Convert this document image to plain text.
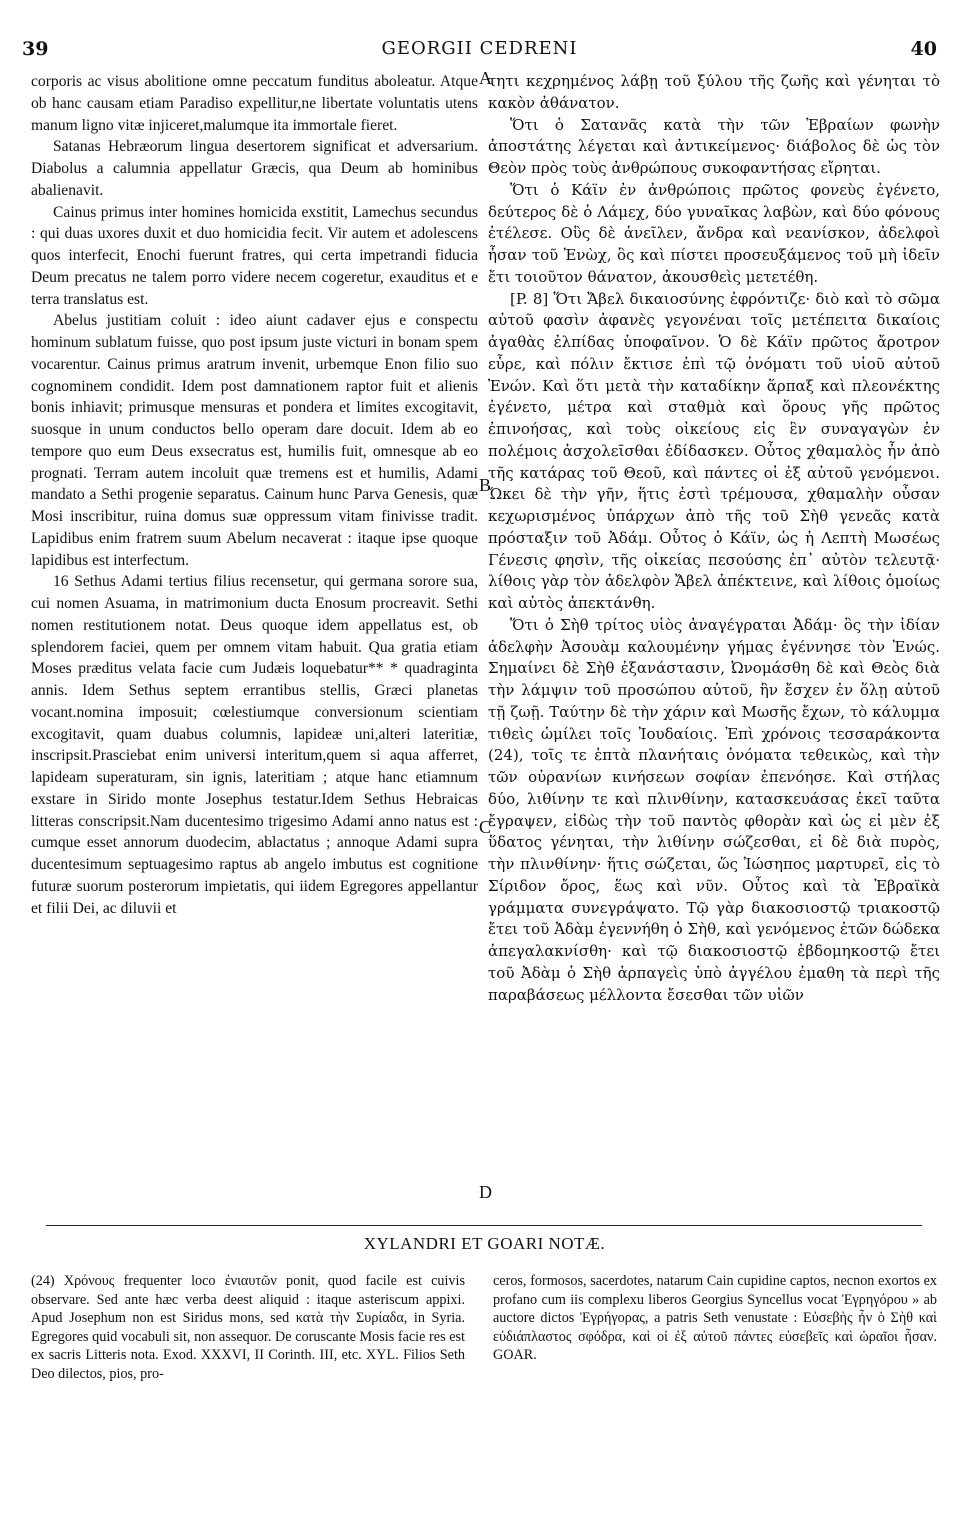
39	GEORGII CEDRENI	40
A
B
C
D

corporis ac visus abolitione omne peccatum funditus aboleatur. Atque ob hanc causam etiam Paradiso expellitur,ne libertate voluntatis utens manum ligno vitæ injiceret,malumque ita immortale fieret.

Satanas Hebræorum lingua desertorem significat et adversarium. Diabolus a calumnia appellatur Græcis, qua Deum ab hominibus abalienavit.

Cainus primus inter homines homicida exstitit, Lamechus secundus : qui duas uxores duxit et duo homicidia fecit. Vir autem et adolescens quos interfecit, Enochi fuerunt fratres, qui certa impetrandi fiducia Deum precatus ne talem porro videre necem cogeretur, exauditus et e terra translatus est.

Abelus justitiam coluit : ideo aiunt cadaver ejus e conspectu hominum sublatum fuisse, quo post ipsum juste victuri in bonam spem vocarentur. Cainus primus aratrum invenit, urbemque Enon filio suo cognominem condidit. Idem post damnationem raptor fuit et alienis bonis inhiavit; primusque mensuras et pondera et limites excogitavit, suosque in unum conductos bello operam dare docuit. Idem ab eo tempore quo eum Deus exsecratus est, humilis fuit, omnesque ab eo prognati. Terram autem incoluit quæ tremens est et humilis, Adami mandato a Sethi progenie separatus. Cainum hunc Parva Genesis, quæ Mosi inscribitur, ruina domus suæ oppressum vitam finivisse tradit. Lapidibus enim fratrem suum Abelum necaverat : itaque ipse quoque lapidibus est interfectum.

16 Sethus Adami tertius filius recensetur, qui germana sorore sua, cui nomen Asuama, in matrimonium ducta Enosum procreavit. Sethi nomen restitutionem notat. Deus quoque idem appellatus est, ob splendorem faciei, quem per omnem vitam habuit. Qua gratia etiam Moses præditus velata facie cum Judæis loquebatur** * quadraginta annis. Idem Sethus septem errantibus stellis, Græci planetas vocant.nomina imposuit; cœlestiumque conversionum scientiam excogitavit, quam duabus columnis, lapideæ uni,alteri lateritiæ, inscripsit.Prasciebat enim universi interitum,quem si aqua afferret, lapideam superaturam, sin ignis, lateritiam ; atque hanc etiamnum exstare in Sirido monte Josephus testatur.Idem Sethus Hebraicas litteras conscripsit.Nam ducentesimo trigesimo Adami anno natus est : cumque esset annorum duodecim, ablactatus ; annoque Adami supra ducentesimum septuagesimo raptus ab angelo imbutus est cognitione futuræ suorum posterorum impietatis, qui iidem Egregores appellantur et filii Dei, ac diluvii et

τητι κεχρημένος λάβῃ τοῦ ξύλου τῆς ζωῆς καὶ γένηται τὸ κακὸν ἀθάνατον.

Ὅτι ὁ Σατανᾶς κατὰ τὴν τῶν Ἑβραίων φωνὴν ἀποστάτης λέγεται καὶ ἀντικείμενος· διάβολος δὲ ὡς τὸν Θεὸν πρὸς τοὺς ἀνθρώπους συκοφαντήσας εἴρηται.

Ὅτι ὁ Κάϊν ἐν ἀνθρώποις πρῶτος φονεὺς ἐγένετο, δεύτερος δὲ ὁ Λάμεχ, δύο γυναῖκας λαβὼν, καὶ δύο φόνους ἐτέλεσε. Οὓς δὲ ἀνεῖλεν, ἄνδρα καὶ νεανίσκον, ἀδελφοὶ ἦσαν τοῦ Ἐνὼχ, ὃς καὶ πίστει προσευξάμενος τοῦ μὴ ἰδεῖν ἔτι τοιοῦτον θάνατον, ἀκουσθεὶς μετετέθη.

[P. 8] Ὅτι Ἄβελ δικαιοσύνης ἐφρόντιζε· διὸ καὶ τὸ σῶμα αὐτοῦ φασὶν ἀφανὲς γεγονέναι τοῖς μετέπειτα δικαίοις ἀγαθὰς ἐλπίδας ὑποφαῖνον. Ὁ δὲ Κάϊν πρῶτος ἄροτρον εὗρε, καὶ πόλιν ἔκτισε ἐπὶ τῷ ὀνόματι τοῦ υἱοῦ αὐτοῦ Ἐνών. Καὶ ὅτι μετὰ τὴν καταδίκην ἅρπαξ καὶ πλεονέκτης ἐγένετο, μέτρα καὶ σταθμὰ καὶ ὅρους γῆς πρῶτος ἐπινοήσας, καὶ τοὺς οἰκείους εἰς ἓν συναγαγὼν ἐν πολέμοις ἀσχολεῖσθαι ἐδίδασκεν. Οὗτος χθαμαλὸς ἦν ἀπὸ τῆς κατάρας τοῦ Θεοῦ, καὶ πάντες οἱ ἐξ αὐτοῦ γενόμενοι. Ὤκει δὲ τὴν γῆν, ἥτις ἐστὶ τρέμουσα, χθαμαλὴν οὖσαν κεχωρισμένος ὑπάρχων ἀπὸ τῆς τοῦ Σὴθ γενεᾶς κατὰ πρόσταξιν τοῦ Ἀδάμ. Οὗτος ὁ Κάϊν, ὡς ἡ Λεπτὴ Μωσέως Γένεσις φησὶν, τῆς οἰκείας πεσούσης ἐπ᾽ αὐτὸν τελευτᾷ· λίθοις γὰρ τὸν ἀδελφὸν Ἄβελ ἀπέκτεινε, καὶ λίθοις ὁμοίως καὶ αὐτὸς ἀπεκτάνθη.

Ὅτι ὁ Σὴθ τρίτος υἱὸς ἀναγέγραται Ἀδάμ· ὃς τὴν ἰδίαν ἀδελφὴν Ἀσουὰμ καλουμένην γήμας ἐγέννησε τὸν Ἐνώς. Σημαίνει δὲ Σὴθ ἐξανάστασιν, Ὠνομάσθη δὲ καὶ Θεὸς διὰ τὴν λάμψιν τοῦ προσώπου αὐτοῦ, ἣν ἔσχεν ἐν ὅλῃ αὐτοῦ τῇ ζωῇ. Ταύτην δὲ τὴν χάριν καὶ Μωσῆς ἔχων, τὸ κάλυμμα τιθεὶς ὡμίλει τοῖς Ἰουδαίοις. Ἐπὶ χρόνοις τεσσαράκοντα (24), τοῖς τε ἑπτὰ πλανήταις ὀνόματα τεθεικὼς, καὶ τὴν τῶν οὐρανίων κινήσεων σοφίαν ἐπενόησε. Καὶ στήλας δύο, λιθίνην τε καὶ πλινθίνην, κατασκευάσας ἐκεῖ ταῦτα ἔγραψεν, εἰδὼς τὴν τοῦ παντὸς φθορὰν καὶ ὡς εἰ μὲν ἐξ ὕδατος γένηται, τὴν λιθίνην σώζεσθαι, εἰ δὲ διὰ πυρὸς, τὴν πλινθίνην· ἥτις σώζεται, ὥς Ἰώσηπος μαρτυρεῖ, εἰς τὸ Σίριδον ὄρος, ἕως καὶ νῦν. Οὗτος καὶ τὰ Ἑβραϊκὰ γράμματα συνεγράψατο. Τῷ γὰρ διακοσιοστῷ τριακοστῷ ἔτει τοῦ Ἀδὰμ ἐγεννήθη ὁ Σὴθ, καὶ γενόμενος ἐτῶν δώδεκα ἀπεγαλακνίσθη· καὶ τῷ διακοσιοστῷ ἑβδομηκοστῷ ἔτει τοῦ Ἀδὰμ ὁ Σὴθ ἁρπαγεὶς ὑπὸ ἀγγέλου ἐμαθη τὰ περὶ τῆς παραβάσεως μέλλοντα ἔσεσθαι τῶν υἱῶν

XYLANDRI ET GOARI NOTÆ.

(24) Χρόνους frequenter loco ἐνιαυτῶν ponit, quod facile est cuivis observare. Sed ante hæc verba deest aliquid : itaque asteriscum appixi. Apud Josephum non est Siridus mons, sed κατὰ τὴν Συρίαδα, in Syria. Egregores quid vocabuli sit, non assequor. De coruscante Mosis facie res est ex sacris Litteris nota. Exod. XXXVI, II Corinth. III, etc. XYL. Filios Seth Deo dilectos, pios, pro-

ceros, formosos, sacerdotes, natarum Cain cupidine captos, necnon exortos ex profano cum iis complexu liberos Georgius Syncellus vocat Ἐγρηγόρου » ab auctore dictos Ἐγρήγορας, a patris Seth venustate : Εὐσεβὴς ἦν ὁ Σὴθ καὶ εὐδιάπλαστος σφόδρα, καὶ οἱ ἐξ αὐτοῦ πάντες εὐσεβεῖς καὶ ὡραῖοι ἦσαν. GOAR.
